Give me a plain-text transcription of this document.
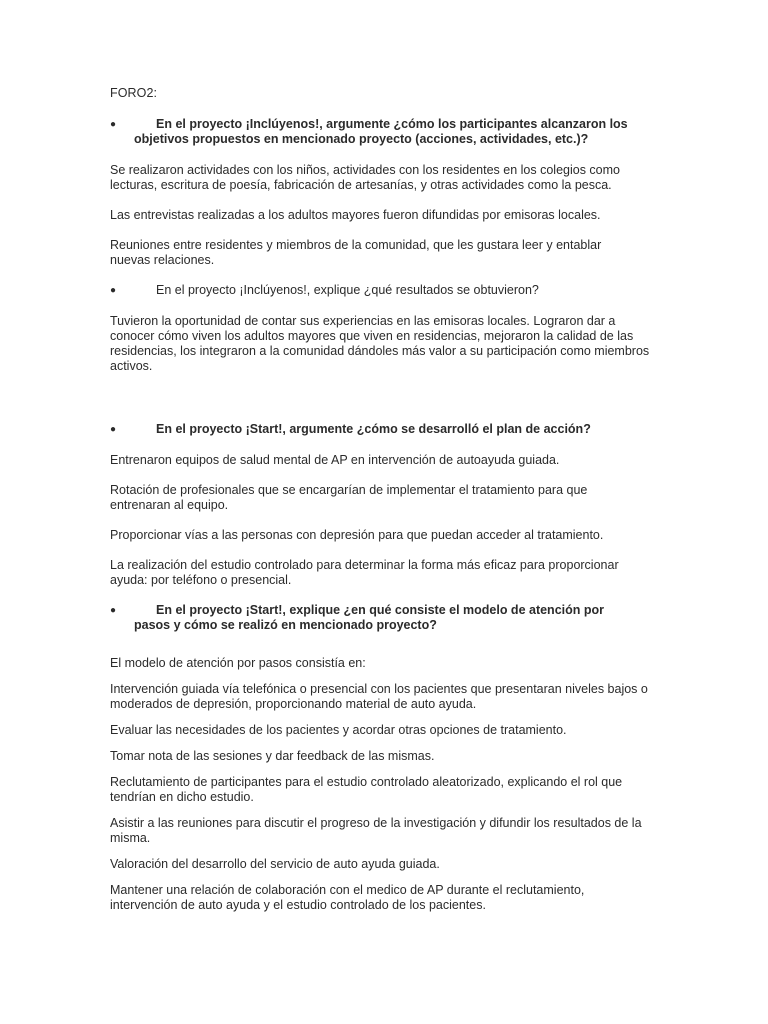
FORO2:
●	En el proyecto ¡Inclúyenos!, argumente ¿cómo los participantes alcanzaron los objetivos propuestos en mencionado proyecto (acciones, actividades, etc.)?

Se realizaron actividades con los niños, actividades con los residentes en los colegios como lecturas, escritura de poesía, fabricación de artesanías, y otras actividades como la pesca.

Las entrevistas realizadas a los adultos mayores fueron difundidas por emisoras locales.

Reuniones entre residentes y miembros de la comunidad, que les gustara leer y entablar nuevas relaciones.

●	En el proyecto ¡Inclúyenos!, explique ¿qué resultados se obtuvieron?

Tuvieron la oportunidad de contar sus experiencias en las emisoras locales. Lograron dar a conocer cómo viven los adultos mayores que viven en residencias, mejoraron la calidad de las residencias, los integraron a la comunidad dándoles más valor a su participación como miembros activos.

●	En el proyecto ¡Start!, argumente ¿cómo se desarrolló el plan de acción?

Entrenaron equipos de salud mental de AP en intervención de autoayuda guiada.

Rotación de profesionales que se encargarían de implementar el tratamiento para que entrenaran al equipo.

Proporcionar vías a las personas con depresión para que puedan acceder al tratamiento.

La realización del estudio controlado para determinar la forma más eficaz para proporcionar ayuda: por teléfono o presencial.

●	En el proyecto ¡Start!, explique ¿en qué consiste el modelo de atención por pasos y cómo se realizó en mencionado proyecto?

El modelo de atención por pasos consistía en:

Intervención guiada vía telefónica o presencial con los pacientes que presentaran niveles bajos o moderados de depresión, proporcionando material de auto ayuda.

Evaluar las necesidades de los pacientes y acordar otras opciones de tratamiento.

Tomar nota de las sesiones y dar feedback de las mismas.

Reclutamiento de participantes para el estudio controlado aleatorizado, explicando el rol que tendrían en dicho estudio.

Asistir a las reuniones para discutir el progreso de la investigación y difundir los resultados de la misma.

Valoración del desarrollo del servicio de auto ayuda guiada.

Mantener una relación de colaboración con el medico de AP durante el reclutamiento, intervención de auto ayuda y el estudio controlado de los pacientes.
